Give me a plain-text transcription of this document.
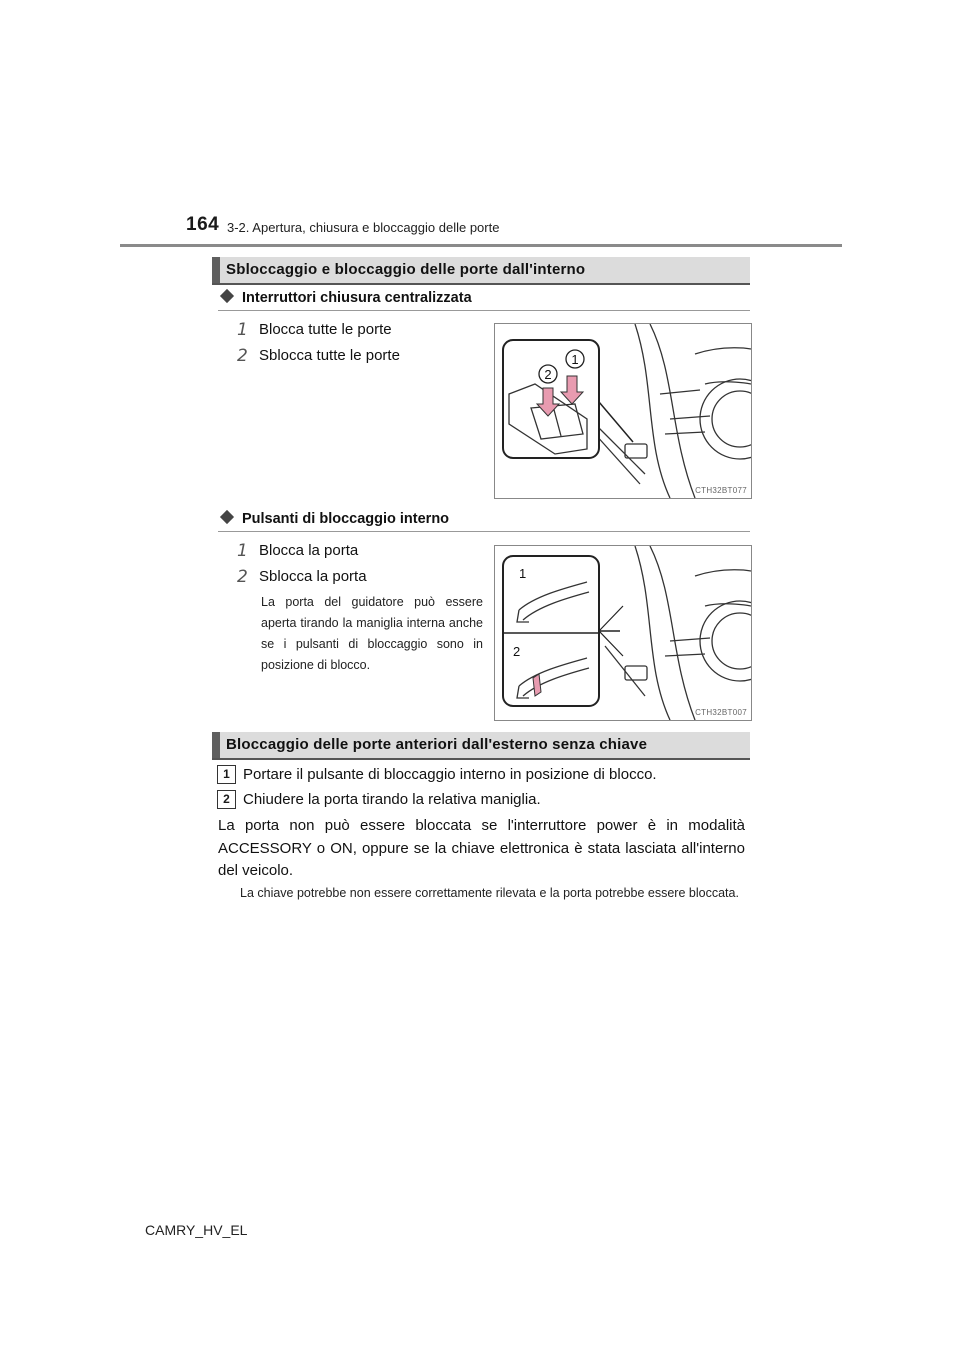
164 3-2. Apertura, chiusura e bloccaggio delle porte
Sbloccaggio e bloccaggio delle porte dall'interno
Interruttori chiusura centralizzata
1 Blocca tutte le porte
2 Sblocca tutte le porte
2
1
CTH32BT077
Pulsanti di bloccaggio interno
1 Blocca la porta
2 Sblocca la porta
La porta del guidatore può essere aperta tirando la maniglia interna anche se i pulsanti di bloccaggio sono in posizione di blocco.
1
2
CTH32BT007
Bloccaggio delle porte anteriori dall'esterno senza chiave
1 Portare il pulsante di bloccaggio interno in posizione di blocco.
2 Chiudere la porta tirando la relativa maniglia.
La porta non può essere bloccata se l'interruttore power è in modalità ACCESSORY o ON, oppure se la chiave elettronica è stata lasciata all'interno del veicolo.
La chiave potrebbe non essere correttamente rilevata e la porta potrebbe essere bloccata.
CAMRY_HV_EL
